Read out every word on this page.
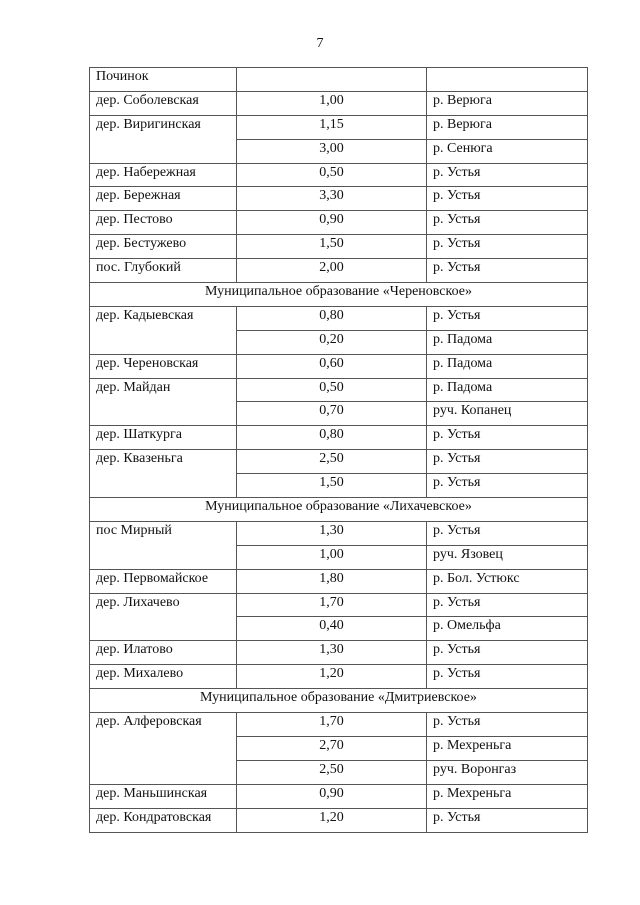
7
Починок		
дер. Соболевская	1,00	р. Верюга
дер. Виригинская	1,15	р. Верюга
	3,00	р. Сенюга
дер. Набережная	0,50	р. Устья
дер. Бережная	3,30	р. Устья
дер. Пестово	0,90	р. Устья
дер. Бестужево	1,50	р. Устья
пос. Глубокий	2,00	р. Устья
Муниципальное образование «Череновское»		
дер. Кадыевская	0,80	р. Устья
	0,20	р. Падома
дер. Череновская	0,60	р. Падома
дер. Майдан	0,50	р. Падома
	0,70	руч. Копанец
дер. Шаткурга	0,80	р. Устья
дер. Квазеньга	2,50	р. Устья
	1,50	р. Устья
Муниципальное образование «Лихачевское»		
пос Мирный	1,30	р. Устья
	1,00	руч. Язовец
дер. Первомайское	1,80	р. Бол. Устюкс
дер. Лихачево	1,70	р. Устья
	0,40	р. Омельфа
дер. Илатово	1,30	р. Устья
дер. Михалево	1,20	р. Устья
Муниципальное образование «Дмитриевское»		
дер. Алферовская	1,70	р. Устья
	2,70	р. Мехреньга
	2,50	руч. Воронгаз
дер. Маньшинская	0,90	р. Мехреньга
дер. Кондратовская	1,20	р. Устья
